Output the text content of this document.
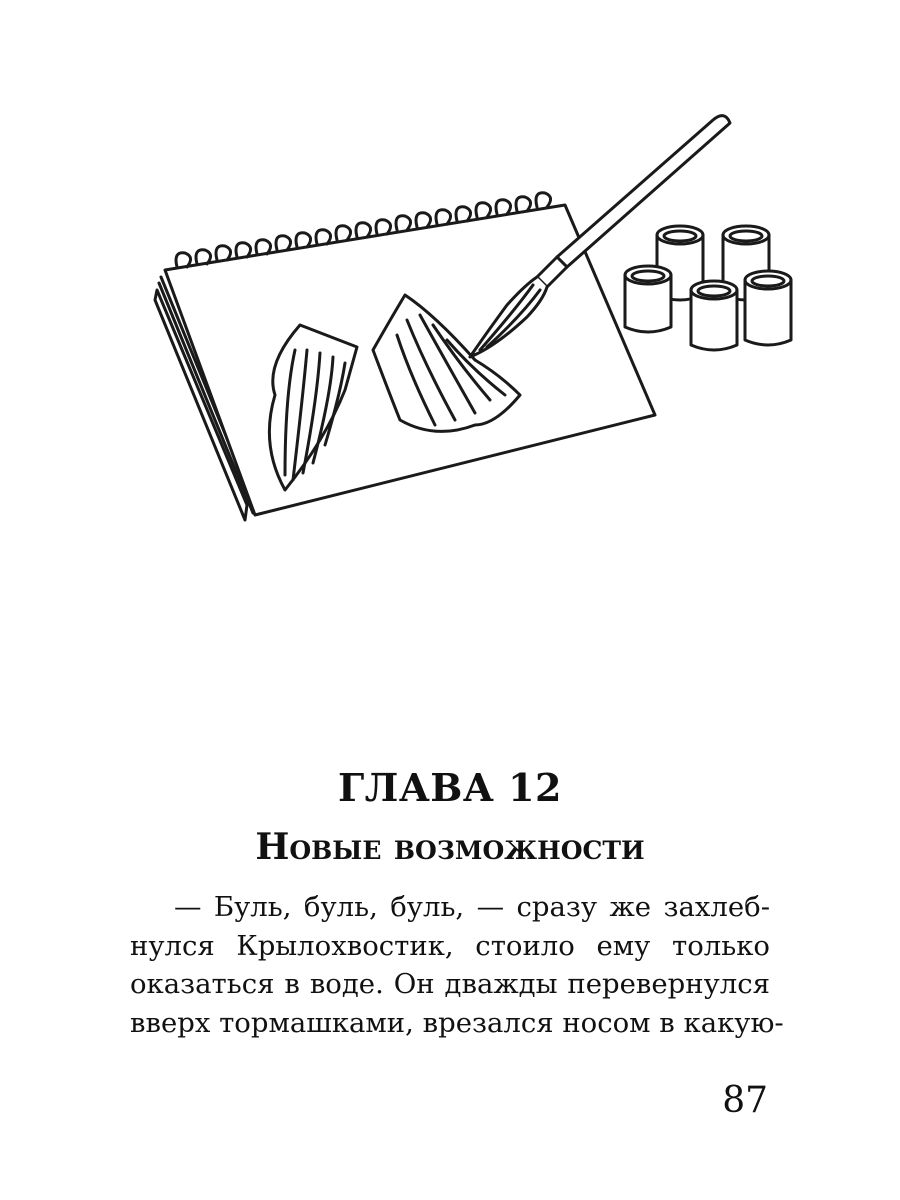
ГЛАВА 12
Новые возможности

— Буль, буль, буль, — сразу же захлеб-
нулся Крылохвостик, стоило ему только
оказаться в воде. Он дважды перевернулся
вверх тормашками, врезался носом в какую-

87
